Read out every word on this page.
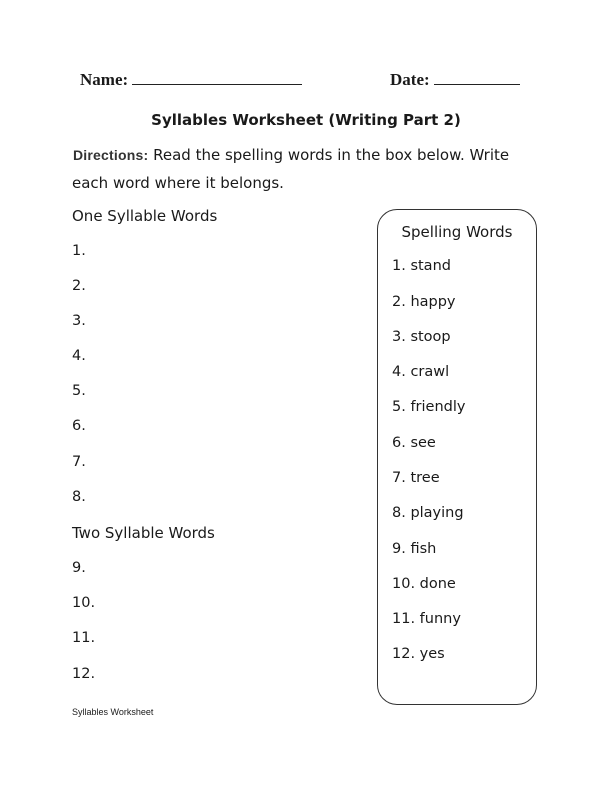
Name:	Date:
Syllables Worksheet (Writing Part 2)
Directions: Read the spelling words in the box below. Write
each word where it belongs.
One Syllable Words
1.
2.
3.
4.
5.
6.
7.
8.
Two Syllable Words
9.
10.
11.
12.
Spelling Words
1. stand
2. happy
3. stoop
4. crawl
5. friendly
6. see
7. tree
8. playing
9. fish
10. done
11. funny
12. yes
Syllables Worksheet
